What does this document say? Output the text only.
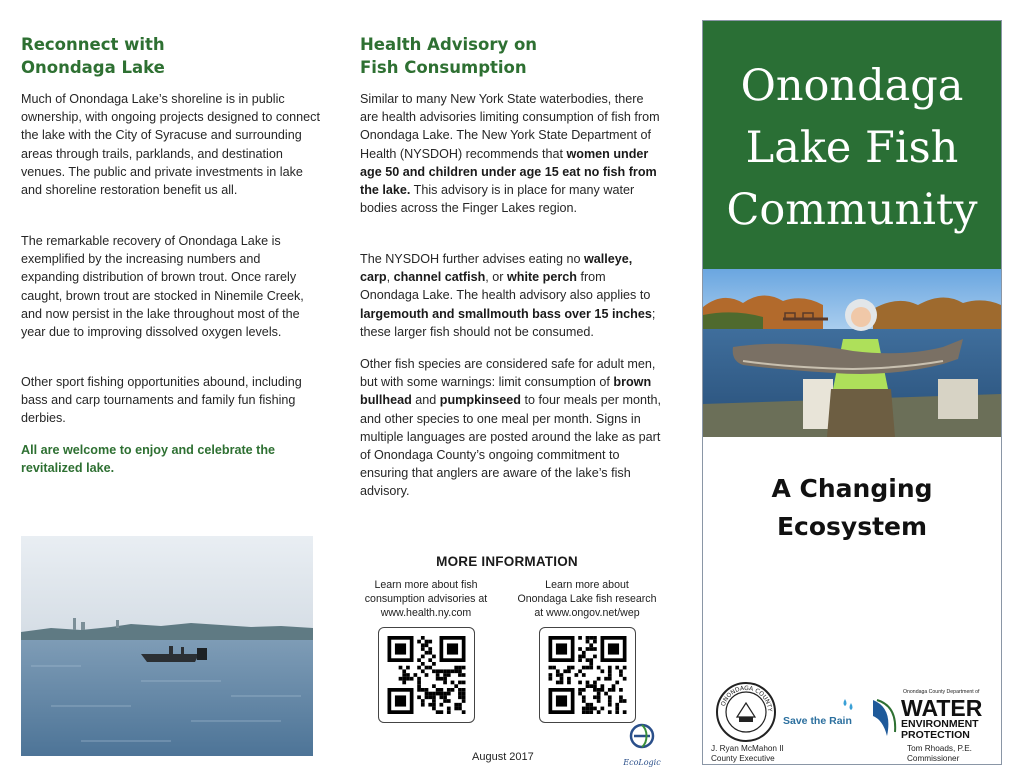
Reconnect with
Onondaga Lake

Much of Onondaga Lake’s shoreline is in public ownership, with ongoing projects designed to connect the lake with the City of Syracuse and surrounding areas through trails, parklands, and destination venues. The public and private investments in lake and shoreline restoration benefit us all.

The remarkable recovery of Onondaga Lake is exemplified by the increasing numbers and expanding distribution of brown trout. Once rarely caught, brown trout are stocked in Ninemile Creek, and now persist in the lake throughout most of the year due to improving dissolved oxygen levels.

Other sport fishing opportunities abound, including bass and carp tournaments and family fun fishing derbies.

All are welcome to enjoy and celebrate the revitalized lake.

Health Advisory on
Fish Consumption

Similar to many New York State waterbodies, there are health advisories limiting consumption of fish from Onondaga Lake. The New York State Department of Health (NYSDOH) recommends that women under age 50 and children under age 15 eat no fish from the lake. This advisory is in place for many water bodies across the Finger Lakes region.

The NYSDOH further advises eating no walleye, carp, channel catfish, or white perch from Onondaga Lake. The health advisory also applies to largemouth and smallmouth bass over 15 inches; these larger fish should not be consumed.

Other fish species are considered safe for adult men, but with some warnings: limit consumption of brown bullhead and pumpkinseed to four meals per month, and other species to one meal per month. Signs in multiple languages are posted around the lake as part of Onondaga County’s ongoing commitment to ensuring that anglers are aware of the lake’s fish advisory.

MORE INFORMATION
Learn more about fish
consumption advisories at
www.health.ny.com
Learn more about
Onondaga Lake fish research
at www.ongov.net/wep
August 2017	EcoLogic
Onondaga
Lake Fish
Community
A Changing
Ecosystem
ONONDAGA COUNTY
Save the Rain
Onondaga County Department of
WATER
ENVIRONMENT
PROTECTION
J. Ryan McMahon II
County Executive
Tom Rhoads, P.E.
Commissioner
